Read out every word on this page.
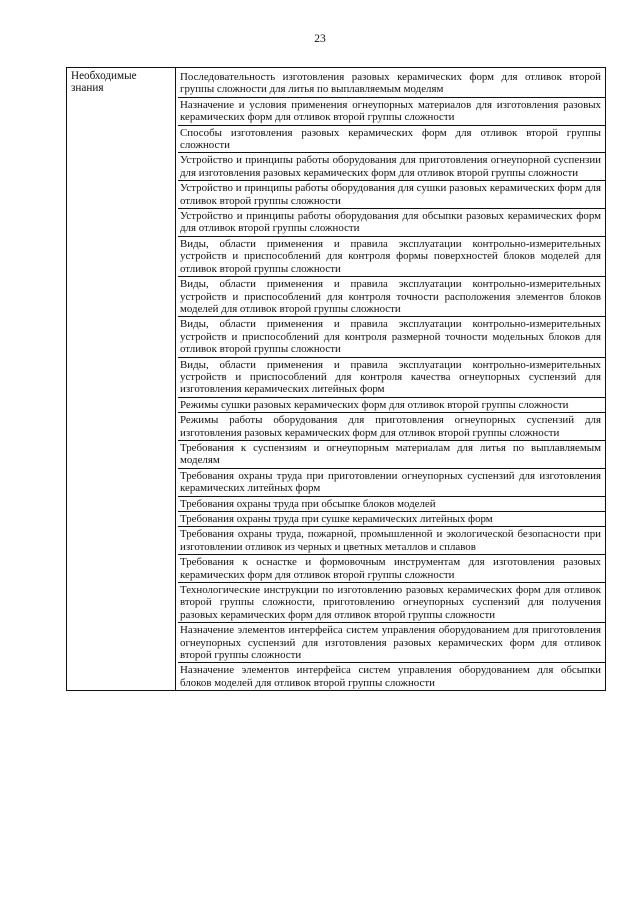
23
Необходимые знания	
Последовательность изготовления разовых керамических форм для отливок второй группы сложности для литья по выплавляемым моделям
Назначение и условия применения огнеупорных материалов для изготовления разовых керамических форм для отливок второй группы сложности
Способы изготовления разовых керамических форм для отливок второй группы сложности
Устройство и принципы работы оборудования для приготовления огнеупорной суспензии для изготовления разовых керамических форм для отливок второй группы сложности
Устройство и принципы работы оборудования для сушки разовых керамических форм для отливок второй группы сложности
Устройство и принципы работы оборудования для обсыпки разовых керамических форм для отливок второй группы сложности
Виды, области применения и правила эксплуатации контрольно-измерительных устройств и приспособлений для контроля формы поверхностей блоков моделей для отливок второй группы сложности
Виды, области применения и правила эксплуатации контрольно-измерительных устройств и приспособлений для контроля точности расположения элементов блоков моделей для отливок второй группы сложности
Виды, области применения и правила эксплуатации контрольно-измерительных устройств и приспособлений для контроля размерной точности модельных блоков для отливок второй группы сложности
Виды, области применения и правила эксплуатации контрольно-измерительных устройств и приспособлений для контроля качества огнеупорных суспензий для изготовления керамических литейных форм
Режимы сушки разовых керамических форм для отливок второй группы сложности
Режимы работы оборудования для приготовления огнеупорных суспензий для изготовления разовых керамических форм для отливок второй группы сложности
Требования к суспензиям и огнеупорным материалам для литья по выплавляемым моделям
Требования охраны труда при приготовлении огнеупорных суспензий для изготовления керамических литейных форм
Требования охраны труда при обсыпке блоков моделей
Требования охраны труда при сушке керамических литейных форм
Требования охраны труда, пожарной, промышленной и экологической безопасности при изготовлении отливок из черных и цветных металлов и сплавов
Требования к оснастке и формовочным инструментам для изготовления разовых керамических форм для отливок второй группы сложности
Технологические инструкции по изготовлению разовых керамических форм для отливок второй группы сложности, приготовлению огнеупорных суспензий для получения разовых керамических форм для отливок второй группы сложности
Назначение элементов интерфейса систем управления оборудованием для приготовления огнеупорных суспензий для изготовления разовых керамических форм для отливок второй группы сложности
Назначение элементов интерфейса систем управления оборудованием для обсыпки блоков моделей для отливок второй группы сложности
